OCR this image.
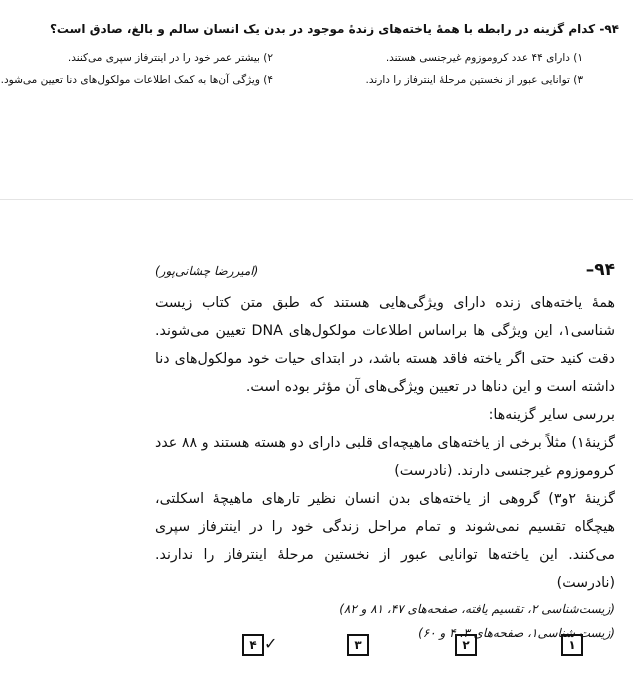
۹۴- کدام گزینه در رابطه با همهٔ یاخته‌های زندهٔ موجود در بدن یک انسان سالم و بالغ، صادق است؟
۱) دارای ۴۴ عدد کروموزوم غیرجنسی هستند.
۲) بیشتر عمر خود را در اینترفاز سپری می‌کنند.
۳) توانایی عبور از نخستین مرحلهٔ اینترفاز را دارند.
۴) ویژگی آن‌ها به کمک اطلاعات مولکول‌های دنا تعیین می‌شود.
۹۴–
(امیررضا چشانی‌پور)

همهٔ یاخته‌های زنده دارای ویژگی‌هایی هستند که طبق متن کتاب زیست شناسی۱، این ویژگی ها براساس اطلاعات مولکول‌های DNA تعیین می‌شوند. دقت کنید حتی اگر یاخته فاقد هسته باشد، در ابتدای حیات خود مولکول‌های دنا داشته است و این دناها در تعیین ویژگی‌های آن مؤثر بوده است.

بررسی سایر گزینه‌ها:

گزینهٔ۱) مثلاً برخی از یاخته‌های ماهیچه‌ای قلبی دارای دو هسته هستند و ۸۸ عدد کروموزوم غیرجنسی دارند. (نادرست)

گزینهٔ ۲و۳) گروهی از یاخته‌های بدن انسان نظیر تارهای ماهیچهٔ اسکلتی، هیچگاه تقسیم نمی‌شوند و تمام مراحل زندگی خود را در اینترفاز سپری می‌کنند. این یاخته‌ها توانایی عبور از نخستین مرحلهٔ اینترفاز را ندارند. (نادرست)

(زیست‌شناسی ۲، تقسیم یافته، صفحه‌های ۴۷، ۸۱ و ۸۲)

(زیست شناسی۱، صفحه‌های ۳، ۴ و ۶۰)

۱
۲
۳
۴ ✓
